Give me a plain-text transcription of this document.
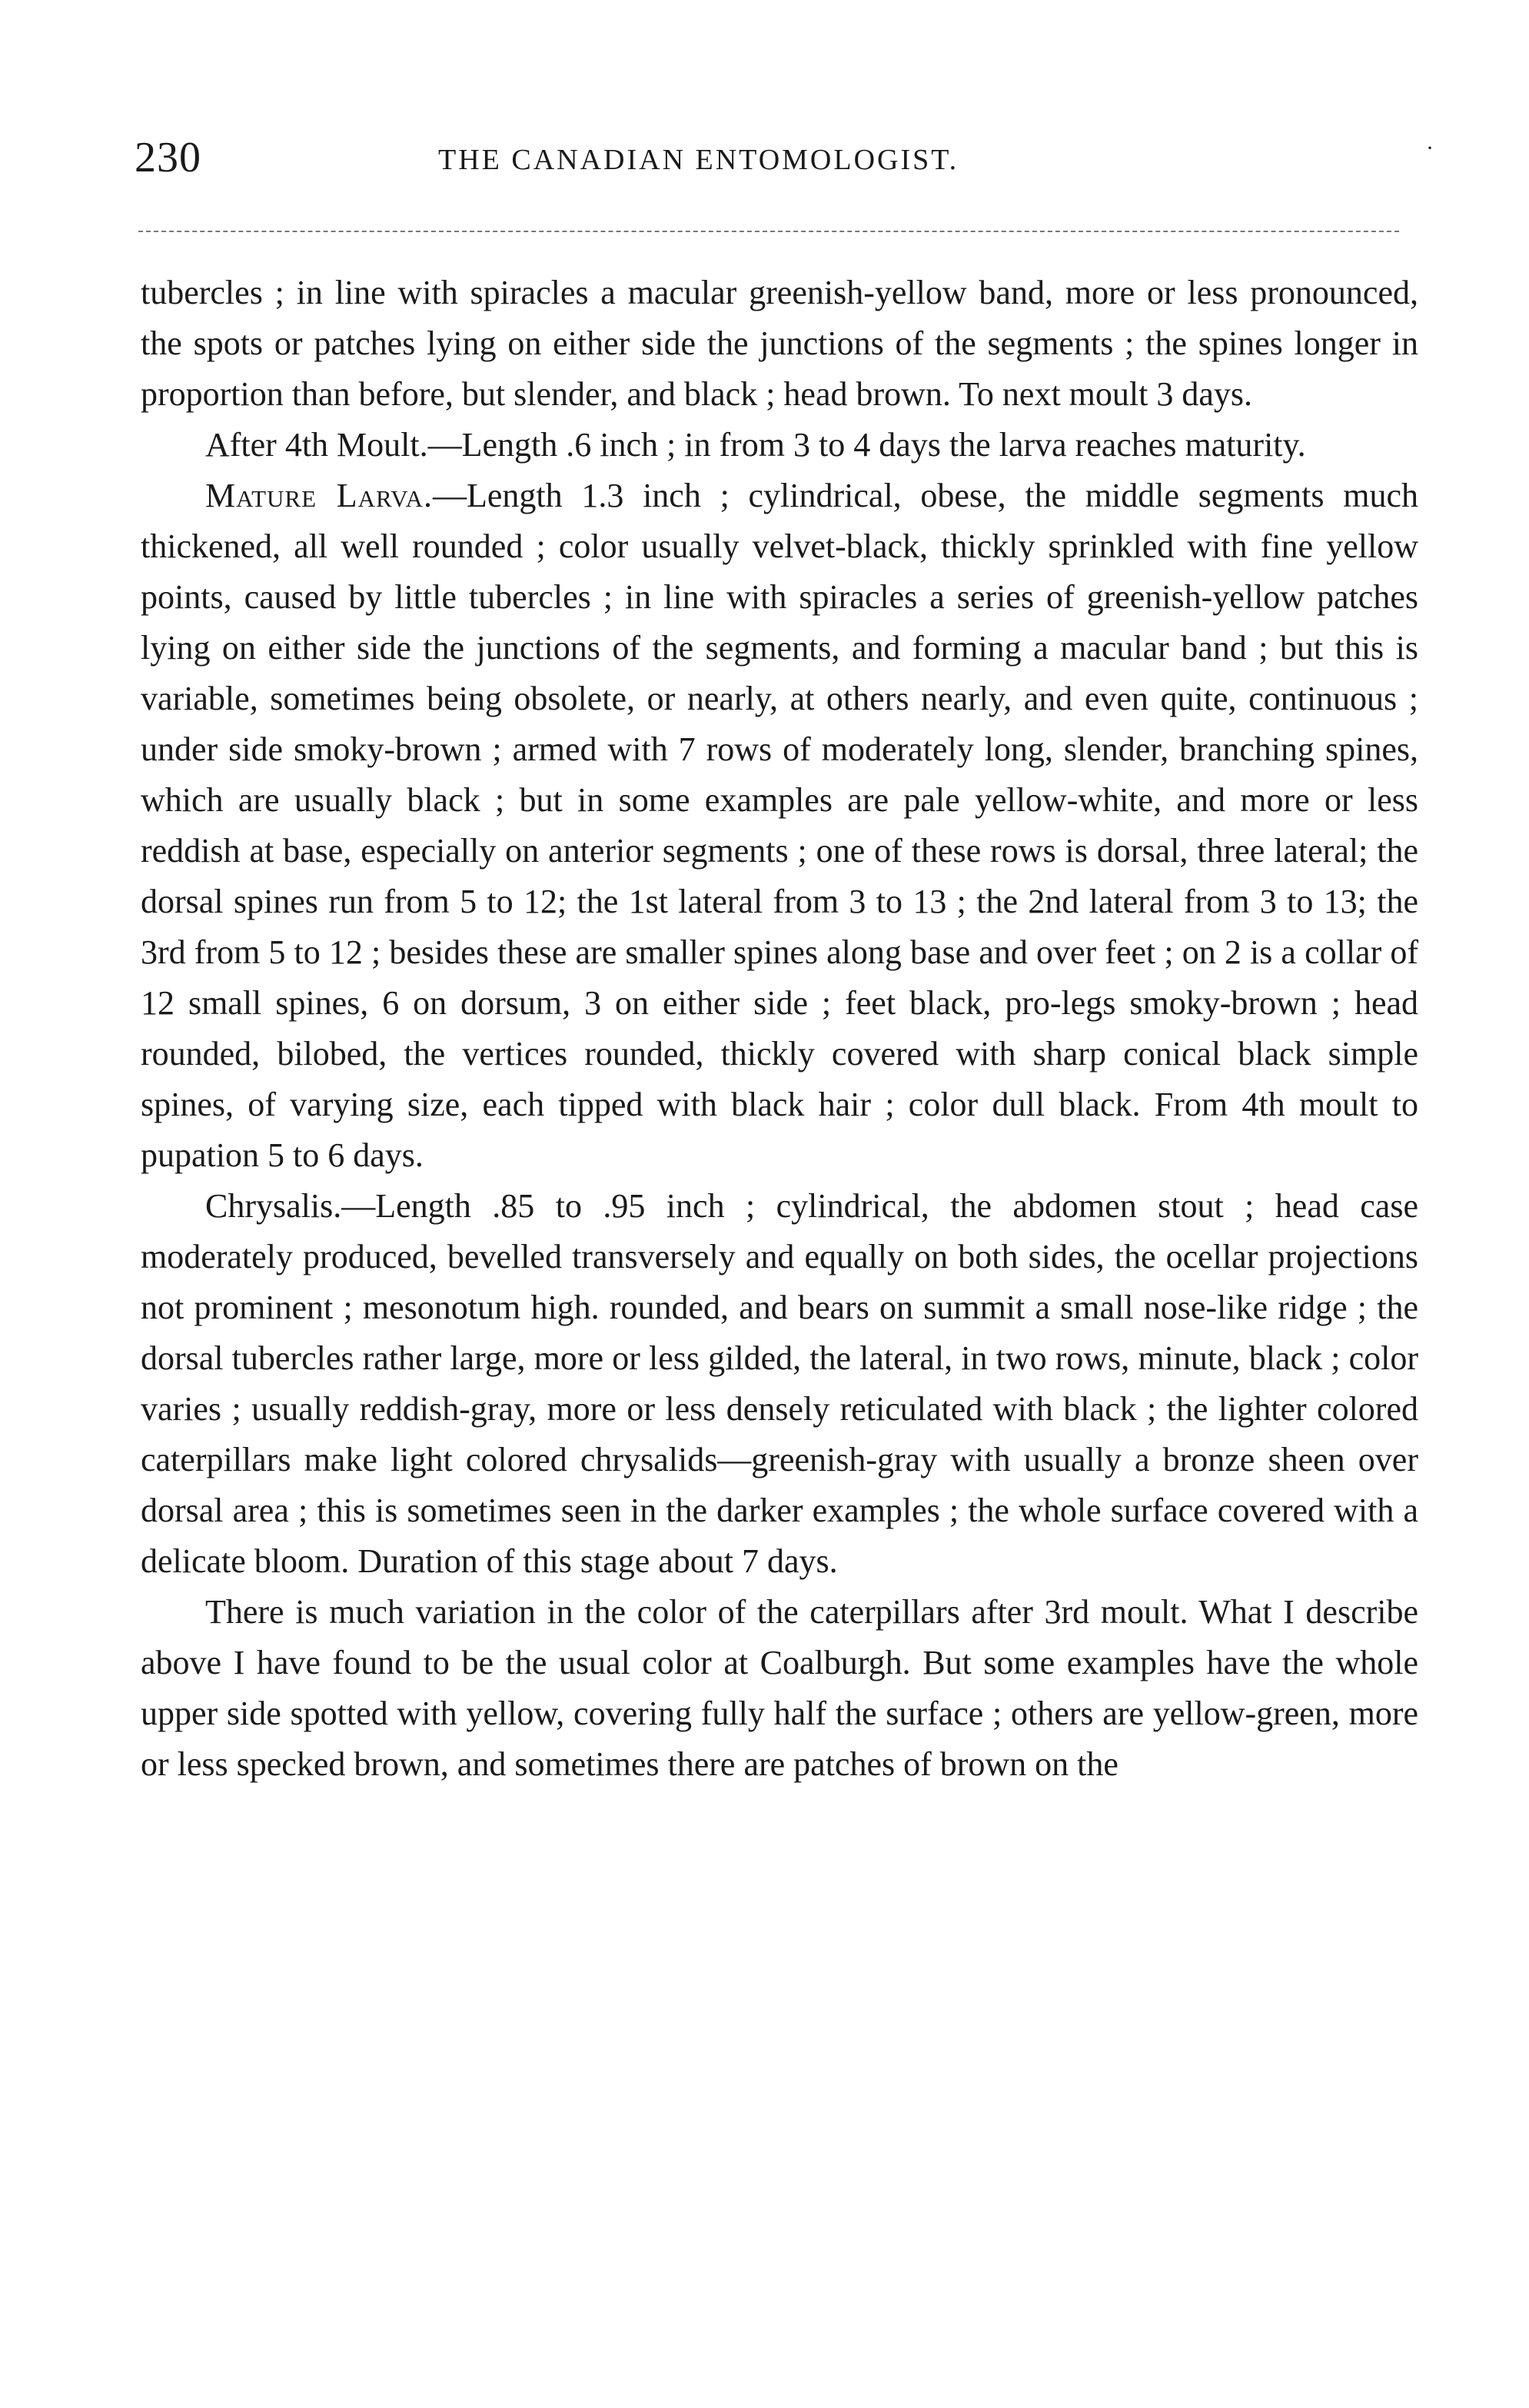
230	THE CANADIAN ENTOMOLOGIST.	·

tubercles ; in line with spiracles a macular greenish-yellow band, more or less pronounced, the spots or patches lying on either side the junctions of the segments ; the spines longer in proportion than before, but slender, and black ; head brown. To next moult 3 days.

After 4th Moult.—Length .6 inch ; in from 3 to 4 days the larva reaches maturity.

Mature Larva.—Length 1.3 inch ; cylindrical, obese, the middle segments much thickened, all well rounded ; color usually velvet-black, thickly sprinkled with fine yellow points, caused by little tubercles ; in line with spiracles a series of greenish-yellow patches lying on either side the junctions of the segments, and forming a macular band ; but this is variable, sometimes being obsolete, or nearly, at others nearly, and even quite, continuous ; under side smoky-brown ; armed with 7 rows of moderately long, slender, branching spines, which are usually black ; but in some examples are pale yellow-white, and more or less reddish at base, especially on anterior segments ; one of these rows is dorsal, three lateral; the dorsal spines run from 5 to 12; the 1st lateral from 3 to 13 ; the 2nd lateral from 3 to 13; the 3rd from 5 to 12 ; besides these are smaller spines along base and over feet ; on 2 is a collar of 12 small spines, 6 on dorsum, 3 on either side ; feet black, pro-legs smoky-brown ; head rounded, bilobed, the vertices rounded, thickly covered with sharp conical black simple spines, of varying size, each tipped with black hair ; color dull black. From 4th moult to pupation 5 to 6 days.

Chrysalis.—Length .85 to .95 inch ; cylindrical, the abdomen stout ; head case moderately produced, bevelled transversely and equally on both sides, the ocellar projections not prominent ; mesonotum high. rounded, and bears on summit a small nose-like ridge ; the dorsal tubercles rather large, more or less gilded, the lateral, in two rows, minute, black ; color varies ; usually reddish-gray, more or less densely reticulated with black ; the lighter colored caterpillars make light colored chrysalids—greenish-gray with usually a bronze sheen over dorsal area ; this is sometimes seen in the darker examples ; the whole surface covered with a delicate bloom. Duration of this stage about 7 days.

There is much variation in the color of the caterpillars after 3rd moult. What I describe above I have found to be the usual color at Coalburgh. But some examples have the whole upper side spotted with yellow, covering fully half the surface ; others are yellow-green, more or less specked brown, and sometimes there are patches of brown on the
